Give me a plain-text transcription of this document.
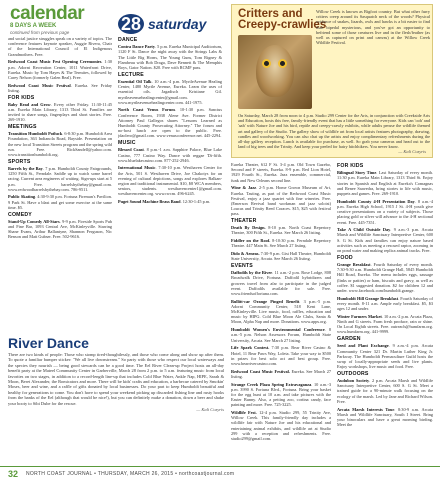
calendar
8 DAYS A WEEK
continued from previous page

and social justice struggles speak on a variety of topics. The conference features keynote speaker, Auggie Rivera, Chair of the International Council of El Indigenous Grandmothers. Free.

Redwood Coast Music Fest Opening Ceremonies. 1:30 p.m. Adorni Recreation Center, 1011 Waterfront Drive, Eureka. Music by Tom Hayes & The Termites, followed by Carey Nelson (formerly Galen Beal). Free.

Redwood Coast Music Festival. Eureka. See Friday listing.

FOR KIDS

Baby Read and Grow. Every other Friday. 11:30-11:45 a.m. Eureka Main Library, 1313 Third St. Families are invited to share songs, fingerplays and short stories. Free. 269-1910.

MEETINGS

Transition Humboldt Potluck. 6-8:30 p.m. Humboldt Area Foundation, 363 Indianola Road, Bayside. Presentation on the new local Transition Streets program and the spring wild run. Free. RickSandell@yahoo.com. www.transitionhumboldt.org.

SPORTS

Barrels by the Bay. 7 p.m. Humboldt County Fairgrounds, 1250 Fifth St., Ferndale. Saddle up to watch some barrel racing. Current area engineers of waiting. Sign-ups start at 5 p.m. Free. barrelsbythebay@gmail.com. www.redwoodbarrelsbythebay.com. 786-9511.

Public Skating. 4:30-9:30 p.m. Fortuna Fireman's Pavilion. 9 Park St. Have a blast and get some exercise at the same time. $5.

COMEDY

Stand-Up Comedy All-Stars. 9-9 p.m. Fireside Sports Pub and Fine Bar, 1093 Central Ave, McKinleyville. Starring Shane Evans, Arthur Ballantyne, Shannon Ferguson, Nic Benson and Matt Gubser. Free. 502-9616.

28 saturday
DANCE

Contra Dance Party. 5 p.m. Eureka Municipal Auditorium, 1120 F St. Dance the night away with the Strings Labs & The Little Big Horns, The Young Guns, Tom Rigney & Flambeau with Bob Draga, Dave Bennett & The Memphis Boys, Gator Nation. $20. Free with RCMF pass.

LECTURE

Essential Oil Talk. 10 a.m.-4 p.m. MyrtleAvenue Healing Center, 1480 Myrtle Avenue, Eureka. Learn the uses of essential oils. Jagadisch Kristiane Gil. myrtleavenuehealingcenter@gmail.com. www.myrtleavenuehealingcenter.com. 441-1975.

North Coast Venus Forum. 10-1:30 p.m. Sanctus Conference Room, 1938 Alene Ave. Former District Attorney Paul Gallegos shares "Lessons Learned as Humboldt County Prosecuting Attorney." The forum and no-host lunch are open to the public. Free. jdaolero@gmail.com. www.venusconference.net. 445-2294.

MUSIC

Blessed Coast. 8 p.m.-1 a.m. Sapphire Palace, Blue Lake Casino, 777 Casino Way. Dance with reggae 'Di-fifth. www.bluelakecasino.com. 877-252-2946.

International Music. 7:30-10 p.m. Westhaven Center for the Arts, 501 S. Westhaven Drive, Joe Chakotys for an evening of cultural depictions, songs and explores Balkan-region and traditional instrumental. $10, $8 WCA members, seniors, students. westhavencenter1@gmail.com. westhavencenter.org. www.rwcm. 496-6245.

Puget Sound Machine Brass Band. 12:30-1:45 p.m.

Critters and Creepy-crawlies
Willow Creek is known as Bigfoot country. But what other furry critters creep around its Sasquatch neck of the woods? Physical evidence of snakes, lizards, owls and hawks is a bit easier to find than bipedal mysterious, and you've got an opportunity to befriend some of those creatures live and in the flesh/feather (as well as captured on print and canvas) at the Willow Creek Wildlife Festival.
On Saturday, March 28 from noon to 4 p.m. Studio 299 Center for the Arts, in conjunction with Creekside Arts and Education, hosts this free, family-friendly event that has a little something for everyone. Kids can 'ooh' and 'aah' with Nature Joe and his bird, reptile and creepy-crawly exhibits, while adults peruse the wildlife themed art and gallery of the Studio. The gallery show of wildlife art from local artists features photography, drawing, candles and woodworking. You can also chat up the artists and enjoy complimentary refreshments during the all-day gallery reception. Lunch is available for purchase, as well. So grab your cameras and head out to the land of big trees and the Trinity. And keep your peeled for hairy hitchhikers. You never know.
— Kali Cozyris

Eureka Theater, 612 F St. 3-4 p.m. Old Town Gazebo, Second and F streets, Eureka. 8-9 p.m. Red Lion Hotel, 1929 Fourth St., Eureka. Jazz ensemble, commercial, funk and New Orleans second line.

Wine & Jazz. 2-5 p.m. Home Grown Museum of Art, Eureka. Tasting, as part of the Redwood Coast Music Festival, enjoy a jazz quartet with fine wineries. Free. (Emerson Revival band workman and jazz soloist) Loucas and Trinity Reed Coraces. $15, $25 with festival pass.

THEATER

Death By Design. 8-10 p.m. North Coast Repertory Theatre, 300 Fifth St., Eureka. See March 26 listing.

Fiddler on the Roof. 8-10:30 p.m. Ferndale Repertory Theatre. 447 Main St. See March 27 listing.

Dido & Aeneas. 7:30-9 p.m. Gist Hall Theatre, Humboldt State University, Arcata. See March 26 listing.

EVENTS

Daffodils by the River. 11 a.m.-2 p.m. Rose Lodge, 808 Broadwalk Drive, Fortuna. Daffodil hybridizers and growers travel from afar to participate in the judged event. Daffodils available for sale. Free. www.friendsoffortuna.com.

Bullitt-car Orange Pinged Benefit. 3 p.m.-5 p.m. Adorni Community Center, 518 Kent Lane, McKinleyville. Live music, food, raffles, education and music by HIPG. Cold Blue Moon Ale Clubs, Santa & Moon, Alpha Nap and more. Donations. www.apps.org.

Humboldt Women's Environmental Conference. 8 a.m.-5 p.m. Nelson Assessors Forum, Humboldt State University, Arcata. See March 27 listing.

Life Spark Contest. 7:30 p.m. Bear River Casino & Hotel, 11 Bear Paws Way, Loleta. Take your way to $500 in prizes for best solo act and best group. Free. www.bearrivercasino.com.

Redwood Coast Music Festival. Eureka. See March 27 listing.

Strange Creek Plaza Spring Extravaganza. 10 a.m.-3 p.m. 3990 S. Fortuna Blvd., Fortuna. Bring your basket for the egg hunt at 10 a.m. and take pictures with the Easter Bunny. Also, a petting zoo, cortina candy, face painting and more. Free. 725-3225.

Wildlife Fest. 12-4 p.m. Studio 299, 55 Trinity Ave, Willow Creek. This family-friendly day includes a wildlife fair with Nature Joe and his educational and entertaining animal exhibits, and wildlife art at Studio 299 with a reception and refreshments. Free. studio299@gmail.com.

FOR KIDS

Bilingual Story Time. Last Saturday of every month. 11:30 p.m. Eureka Main Library, 1313 Third St. Enjoy stories in Spanish and English at Eureka's Comagnas and Renee Saavedra, bring stories to life with music, puppets and games. Free. 269-1910.

Humboldt County 4-H Presentation Day. 8 a.m.-4 p.m. Eureka High School, 1915 J St. 4-H youth give creative presentations on a variety of subjects. Those placing gold or silver will advance to the 4-H sectional event. Free. 445-7351.

Take A Child Outside Day. 9 a.m.-3 p.m. Arcata Marsh and Wildlife Sanctuary Interpretive Center, 600 S. G St. Kids and families can enjoy nature based activities such as meeting a rescued raptor, zooming in on pond water and making replica animal tracks. Free.

FOOD

Grange Breakfast. Fourth Saturday of every month. 7:30-9:30 a.m. Humboldt Grange Hall, 5845 Humboldt Hill Road, Eureka. The menu includes eggs, sausage (links or patties) or ham, biscuits and gravy, as well as coffee. $1 suggested donation. $2 for children 12 and under. www.facebook.com/humboldt.grange.

Humboldt Hill Grange Breakfast. Fourth Saturday of every month. 8-11 a.m. Ample early breakfast. $5, $3 ages 12 and under.

Winter Farmers Market. 10 a.m.-2 p.m. Arcata Plaza, Ninth and G streets. Farm fresh produce, rain or shine. On Local Eighth streets. Free. outreach@humfarm.org. www.humfarm.org. 441-9999.

GARDEN

Seed and Plant Exchange. 9 a.m.-4 p.m. Arcata Community Center 321 Dr. Martin Luther King Jr. Parkway. The Humboldt Permaculture Guild hosts the swap of locally-appropriate seeds and live plants. Enjoy workshops, live music and food. Free.

OUTDOORS

Audubon Society. 2 p.m. Arcata Marsh and Wildlife Sanctuary Interpretive Center, 600 S. G St. Meet a trained guide for a 90-minute walk focusing on the ecology of the marsh. Led by Jane and Richard Wilson. Free.

Arcata Marsh Interests Tour. 8:30-9 a.m. Arcata Marsh and Wildlife Sanctuary, South I Street. Bring your binoculars and have a great morning birding. Meet the

River Dance
There are two kinds of people: Those who stomp tired-thoughtlessly, and those who come along and show up after them. To quote a familiar bumper sticker: "We all live downstream." So party with those who respect our local waterways and the species they nourish — being good stewards can be a good time. The Eel River Clean-up Project hosts an all-day benefit party at the Mateel Community Center in Garberville, March 28 from 2 p.m. to 5 a.m. featuring music from local favorites on two stages, in addition to a record-length line-up that includes Cold Blue Water, Ankle Nap, HIPE, Sarah & Moon, Beret Alexander, the Romicators and more. There will be kids' crafts and education, a barbecue catered by Smokin' Moses, beer and wine, and a raffle of gifts donated by local businesses. Do your part to keep Humboldt beautiful and healthy for generations to come. You don't have to spend your weekend picking up discarded fishing line and rusty hooks from the banks of the Eel (although that would be nice!), but you can definitely make a donation, down a beer and shake your booty to Sibi Dube for the rescue.
— Kali Cozyris
32 NORTH COAST JOURNAL • THURSDAY, MARCH 26, 2015 • northcoastjournal.com
